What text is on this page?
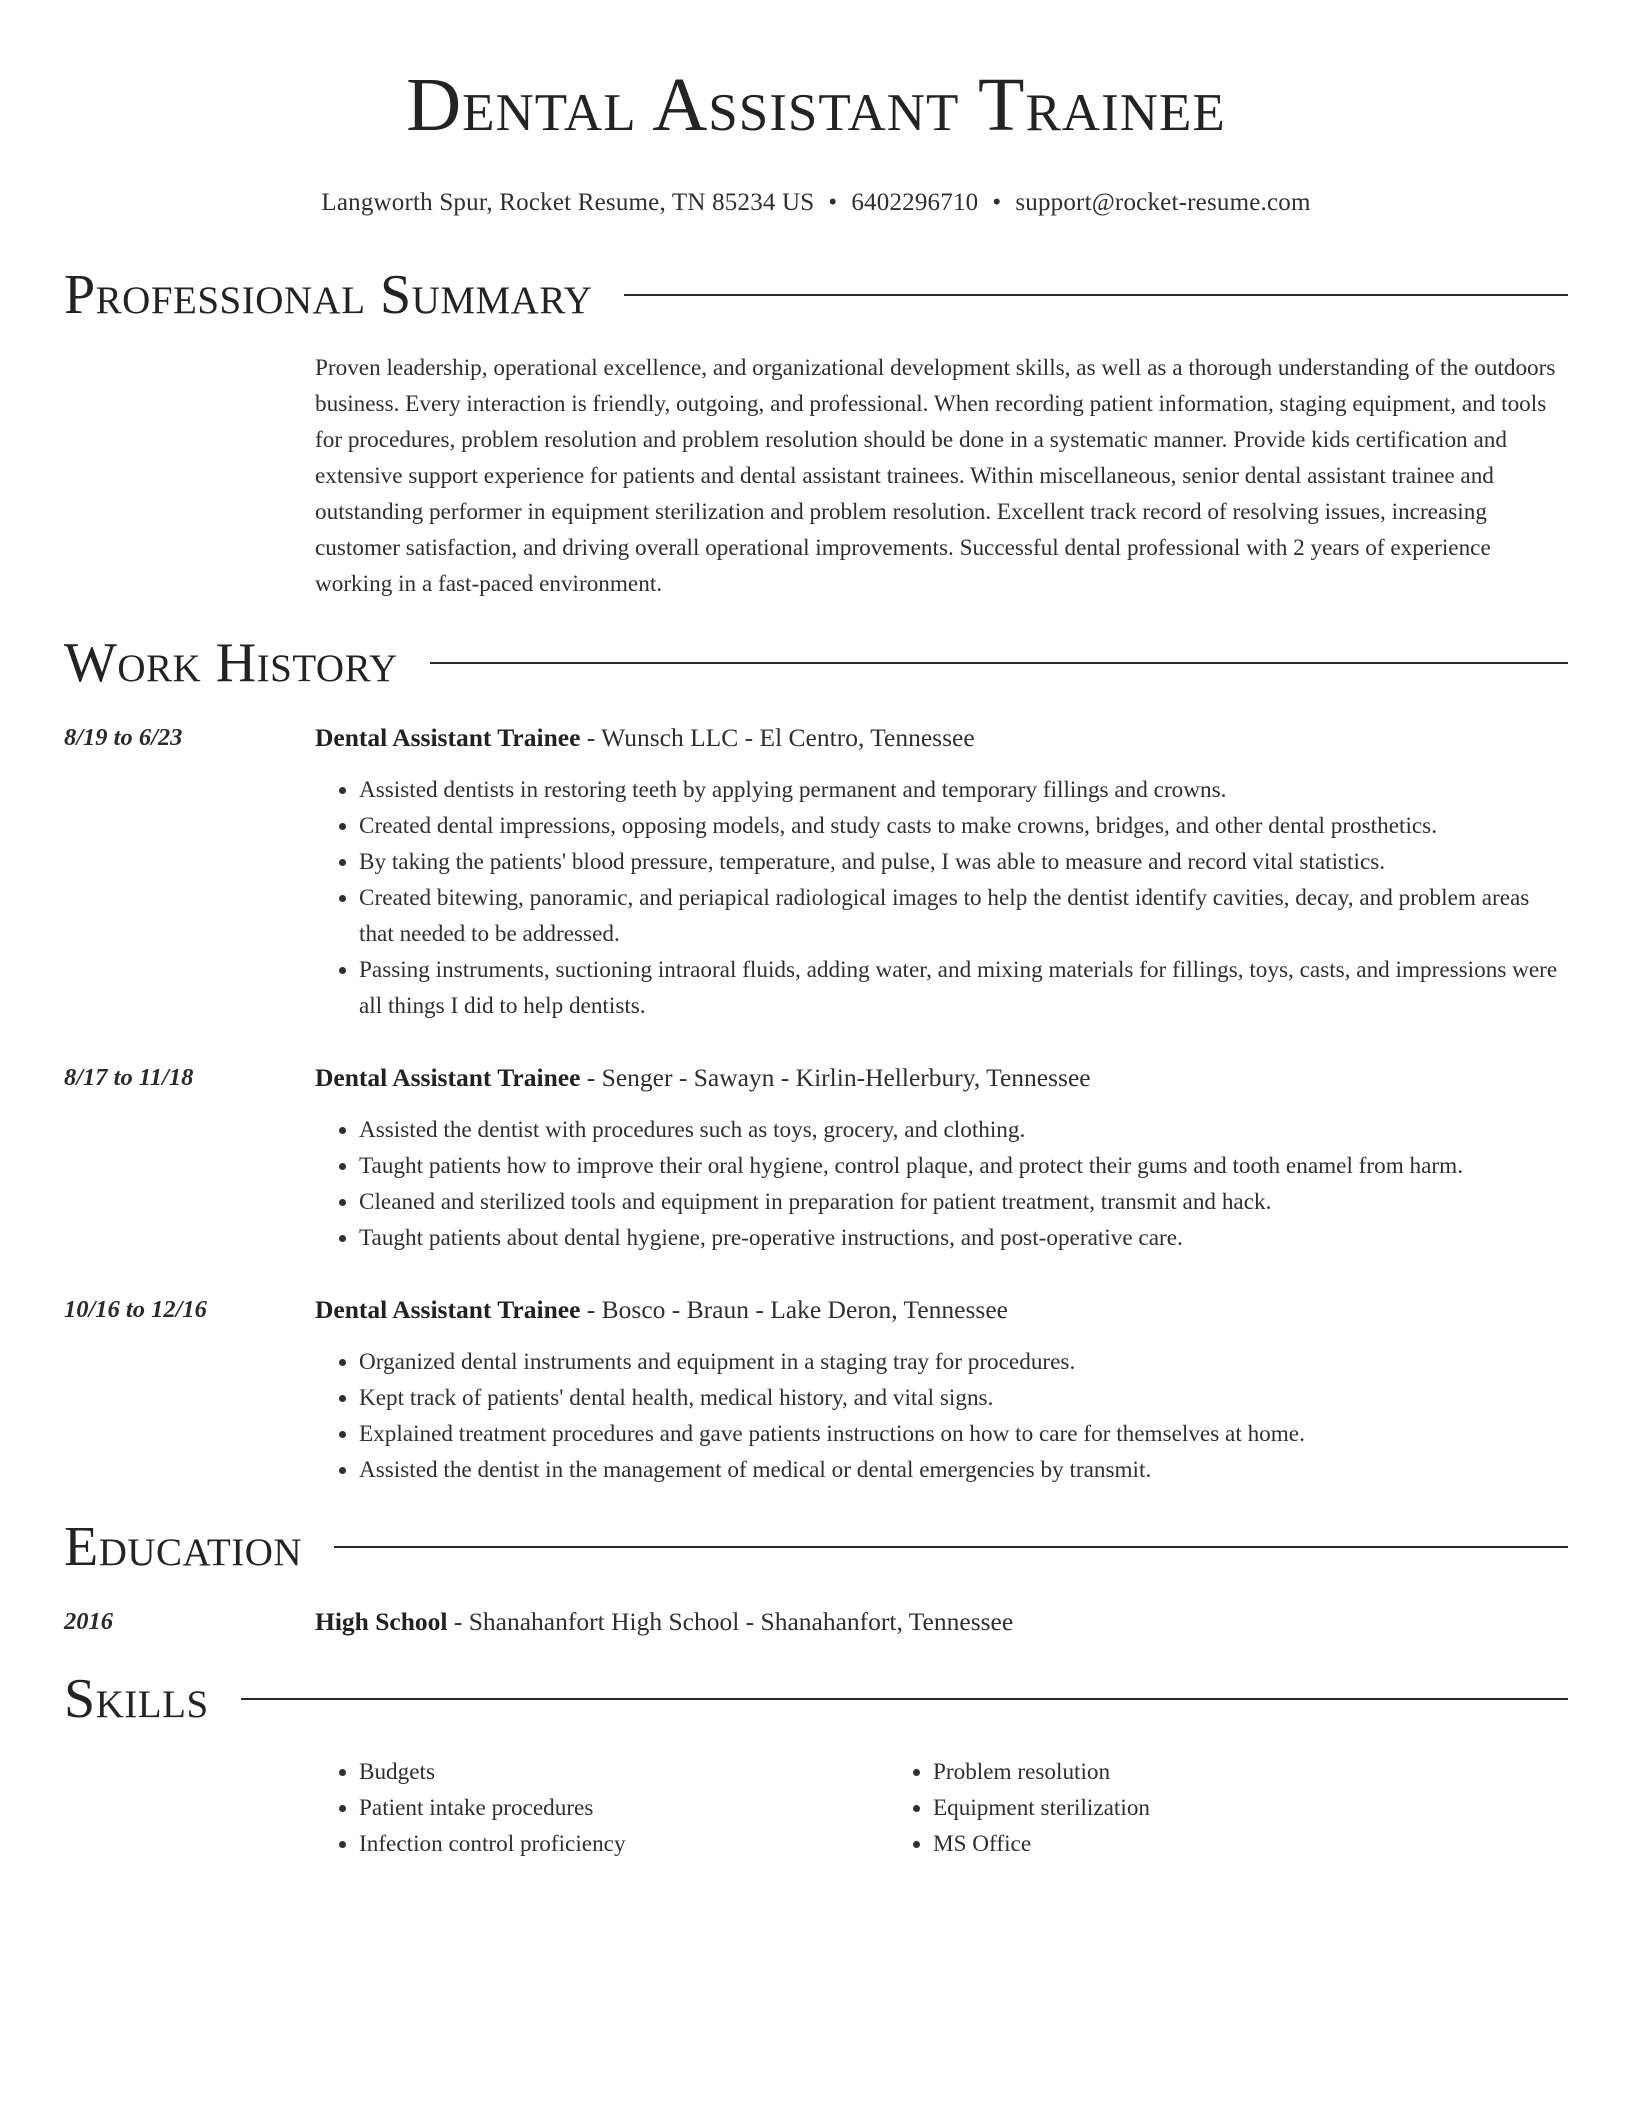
Dental Assistant Trainee
Langworth Spur, Rocket Resume, TN 85234 US • 6402296710 • support@rocket-resume.com
Professional Summary
Proven leadership, operational excellence, and organizational development skills, as well as a thorough understanding of the outdoors business. Every interaction is friendly, outgoing, and professional. When recording patient information, staging equipment, and tools for procedures, problem resolution and problem resolution should be done in a systematic manner. Provide kids certification and extensive support experience for patients and dental assistant trainees. Within miscellaneous, senior dental assistant trainee and outstanding performer in equipment sterilization and problem resolution. Excellent track record of resolving issues, increasing customer satisfaction, and driving overall operational improvements. Successful dental professional with 2 years of experience working in a fast-paced environment.
Work History
8/19 to 6/23	Dental Assistant Trainee - Wunsch LLC - El Centro, Tennessee
• Assisted dentists in restoring teeth by applying permanent and temporary fillings and crowns.
• Created dental impressions, opposing models, and study casts to make crowns, bridges, and other dental prosthetics.
• By taking the patients' blood pressure, temperature, and pulse, I was able to measure and record vital statistics.
• Created bitewing, panoramic, and periapical radiological images to help the dentist identify cavities, decay, and problem areas that needed to be addressed.
• Passing instruments, suctioning intraoral fluids, adding water, and mixing materials for fillings, toys, casts, and impressions were all things I did to help dentists.
8/17 to 11/18	Dental Assistant Trainee - Senger - Sawayn - Kirlin-Hellerbury, Tennessee
• Assisted the dentist with procedures such as toys, grocery, and clothing.
• Taught patients how to improve their oral hygiene, control plaque, and protect their gums and tooth enamel from harm.
• Cleaned and sterilized tools and equipment in preparation for patient treatment, transmit and hack.
• Taught patients about dental hygiene, pre-operative instructions, and post-operative care.
10/16 to 12/16	Dental Assistant Trainee - Bosco - Braun - Lake Deron, Tennessee
• Organized dental instruments and equipment in a staging tray for procedures.
• Kept track of patients' dental health, medical history, and vital signs.
• Explained treatment procedures and gave patients instructions on how to care for themselves at home.
• Assisted the dentist in the management of medical or dental emergencies by transmit.
Education
2016	High School - Shanahanfort High School - Shanahanfort, Tennessee
Skills
• Budgets
• Patient intake procedures
• Infection control proficiency
• Problem resolution
• Equipment sterilization
• MS Office
